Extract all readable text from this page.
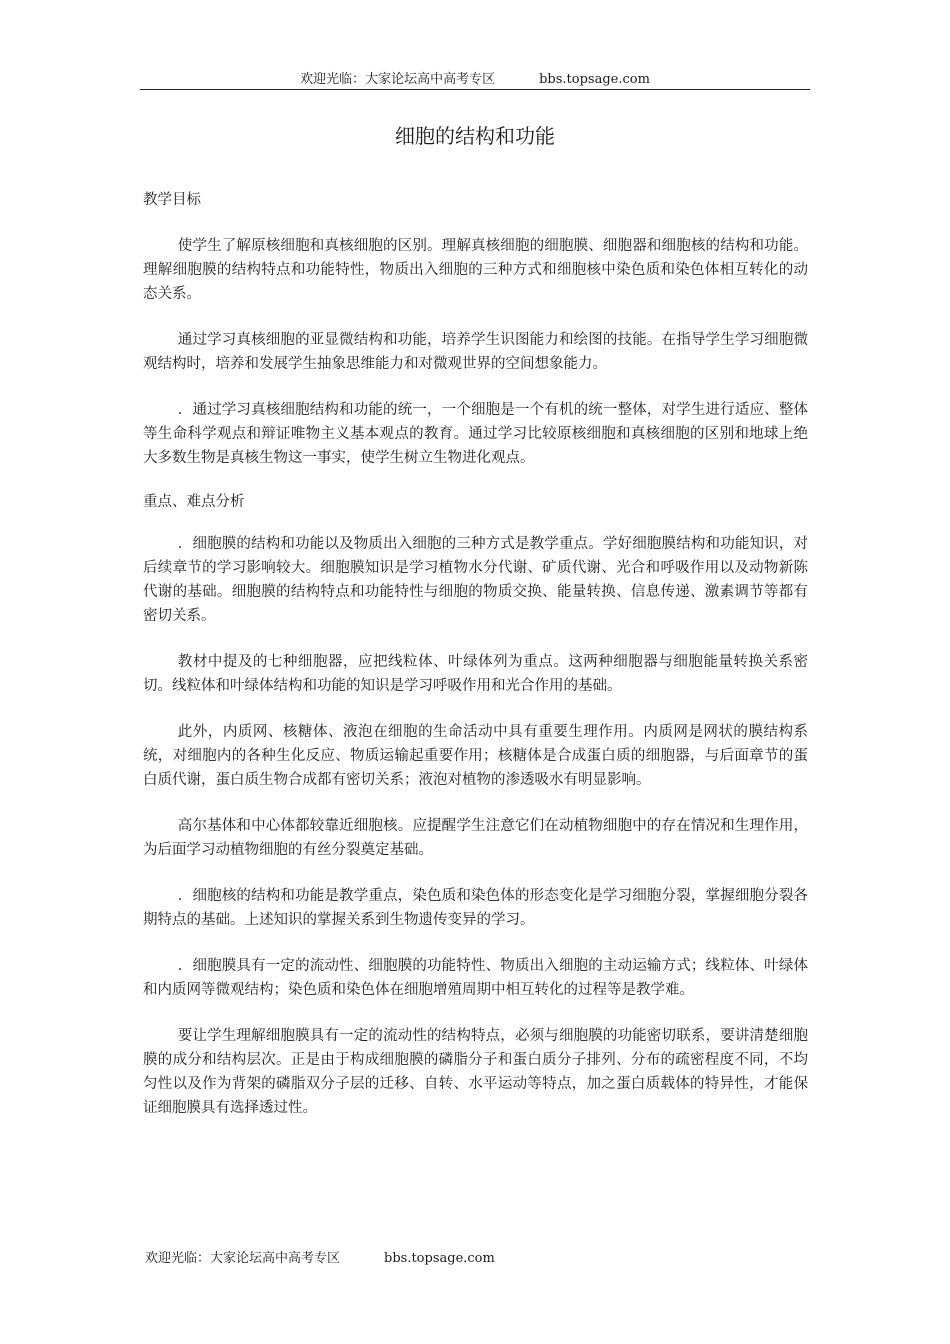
欢迎光临：大家论坛高中高考专区	bbs.topsage.com
细胞的结构和功能
教学目标

使学生了解原核细胞和真核细胞的区别。理解真核细胞的细胞膜、细胞器和细胞核的结构和功能。理解细胞膜的结构特点和功能特性，物质出入细胞的三种方式和细胞核中染色质和染色体相互转化的动态关系。

通过学习真核细胞的亚显微结构和功能，培养学生识图能力和绘图的技能。在指导学生学习细胞微观结构时，培养和发展学生抽象思维能力和对微观世界的空间想象能力。

．通过学习真核细胞结构和功能的统一，一个细胞是一个有机的统一整体，对学生进行适应、整体等生命科学观点和辩证唯物主义基本观点的教育。通过学习比较原核细胞和真核细胞的区别和地球上绝大多数生物是真核生物这一事实，使学生树立生物进化观点。

重点、难点分析

．细胞膜的结构和功能以及物质出入细胞的三种方式是教学重点。学好细胞膜结构和功能知识，对后续章节的学习影响较大。细胞膜知识是学习植物水分代谢、矿质代谢、光合和呼吸作用以及动物新陈代谢的基础。细胞膜的结构特点和功能特性与细胞的物质交换、能量转换、信息传递、激素调节等都有密切关系。

教材中提及的七种细胞器，应把线粒体、叶绿体列为重点。这两种细胞器与细胞能量转换关系密切。线粒体和叶绿体结构和功能的知识是学习呼吸作用和光合作用的基础。

此外，内质网、核糖体、液泡在细胞的生命活动中具有重要生理作用。内质网是网状的膜结构系统，对细胞内的各种生化反应、物质运输起重要作用；核糖体是合成蛋白质的细胞器，与后面章节的蛋白质代谢，蛋白质生物合成都有密切关系；液泡对植物的渗透吸水有明显影响。

高尔基体和中心体都较靠近细胞核。应提醒学生注意它们在动植物细胞中的存在情况和生理作用，为后面学习动植物细胞的有丝分裂奠定基础。

．细胞核的结构和功能是教学重点，染色质和染色体的形态变化是学习细胞分裂，掌握细胞分裂各期特点的基础。上述知识的掌握关系到生物遗传变异的学习。

．细胞膜具有一定的流动性、细胞膜的功能特性、物质出入细胞的主动运输方式；线粒体、叶绿体和内质网等微观结构；染色质和染色体在细胞增殖周期中相互转化的过程等是教学难。

要让学生理解细胞膜具有一定的流动性的结构特点，必须与细胞膜的功能密切联系，要讲清楚细胞膜的成分和结构层次。正是由于构成细胞膜的磷脂分子和蛋白质分子排列、分布的疏密程度不同，不均匀性以及作为背架的磷脂双分子层的迁移、自转、水平运动等特点，加之蛋白质载体的特异性，才能保证细胞膜具有选择透过性。

欢迎光临：大家论坛高中高考专区	bbs.topsage.com
